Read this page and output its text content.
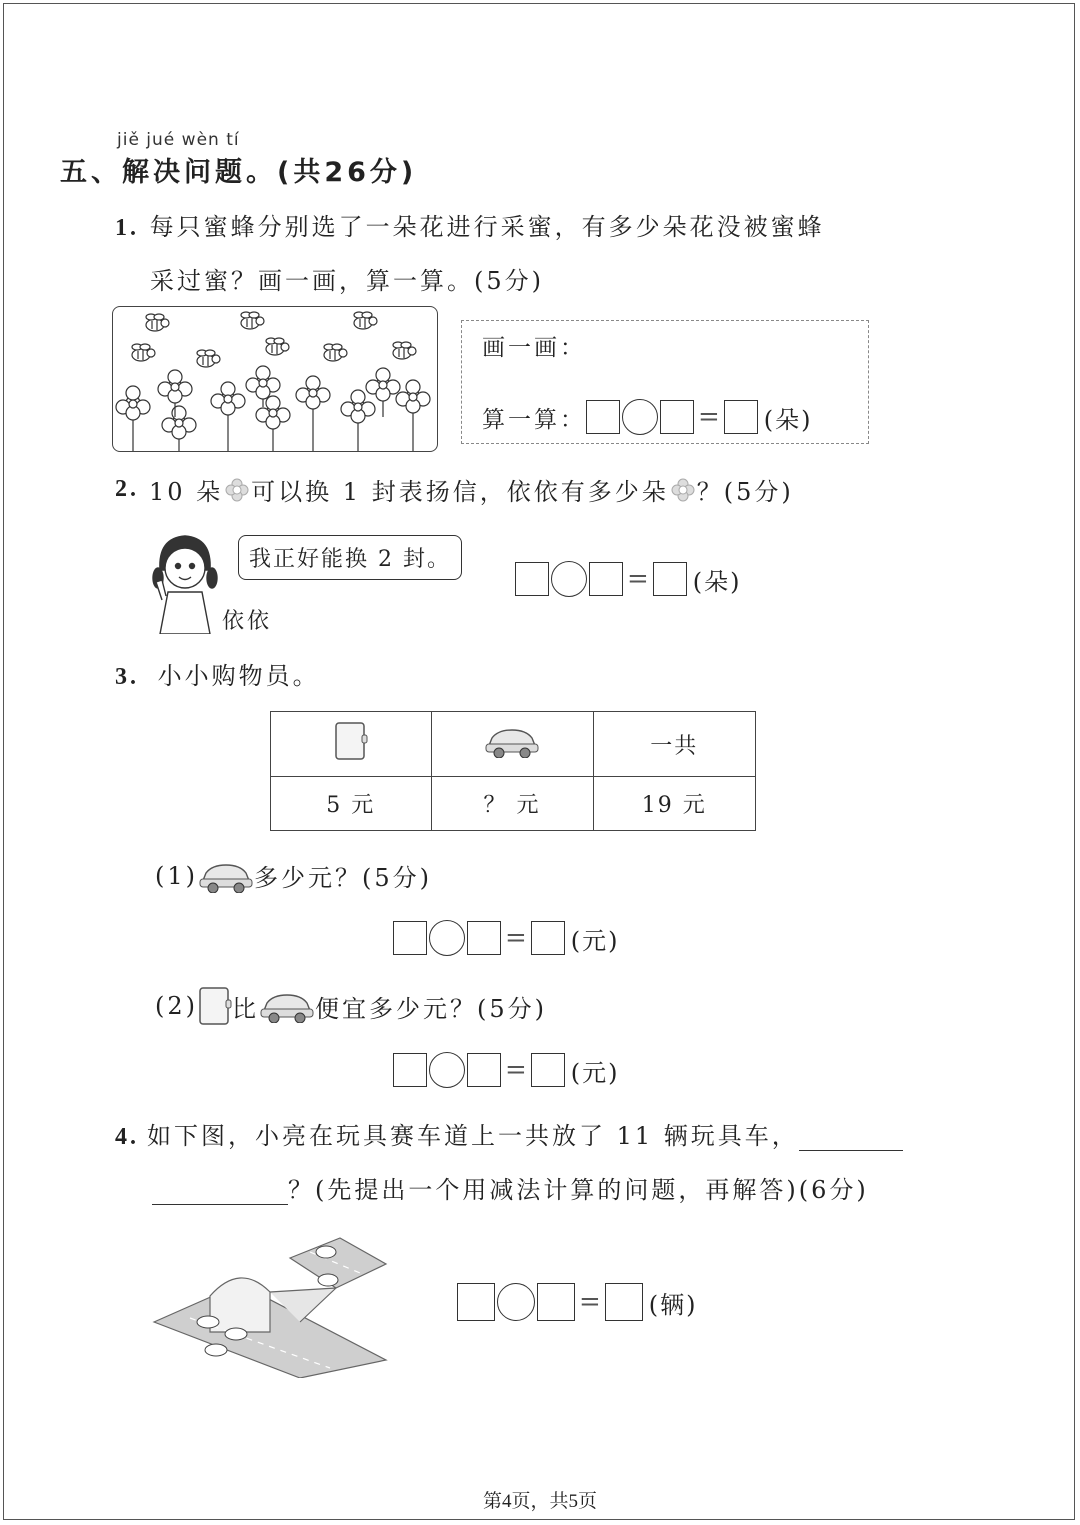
jiě jué wèn tí
五、解决问题。(共26分)
1. 每只蜜蜂分别选了一朵花进行采蜜，有多少朵花没被蜜蜂
采过蜜？画一画，算一算。(5分)
画一画：
算一算：	= (朵)
2. 10 朵 可以换 1 封表扬信，依依有多少朵 ？(5分)
我正好能换 2 封。
依依
= (朵)
3. 小小购物员。
		一共
5 元	？ 元	19 元
(1) 多少元？(5分)
= (元)
(2) 比 便宜多少元？(5分)
= (元)
4. 如下图，小亮在玩具赛车道上一共放了 11 辆玩具车，
？(先提出一个用减法计算的问题，再解答)(6分)
= (辆)
第4页，共5页
